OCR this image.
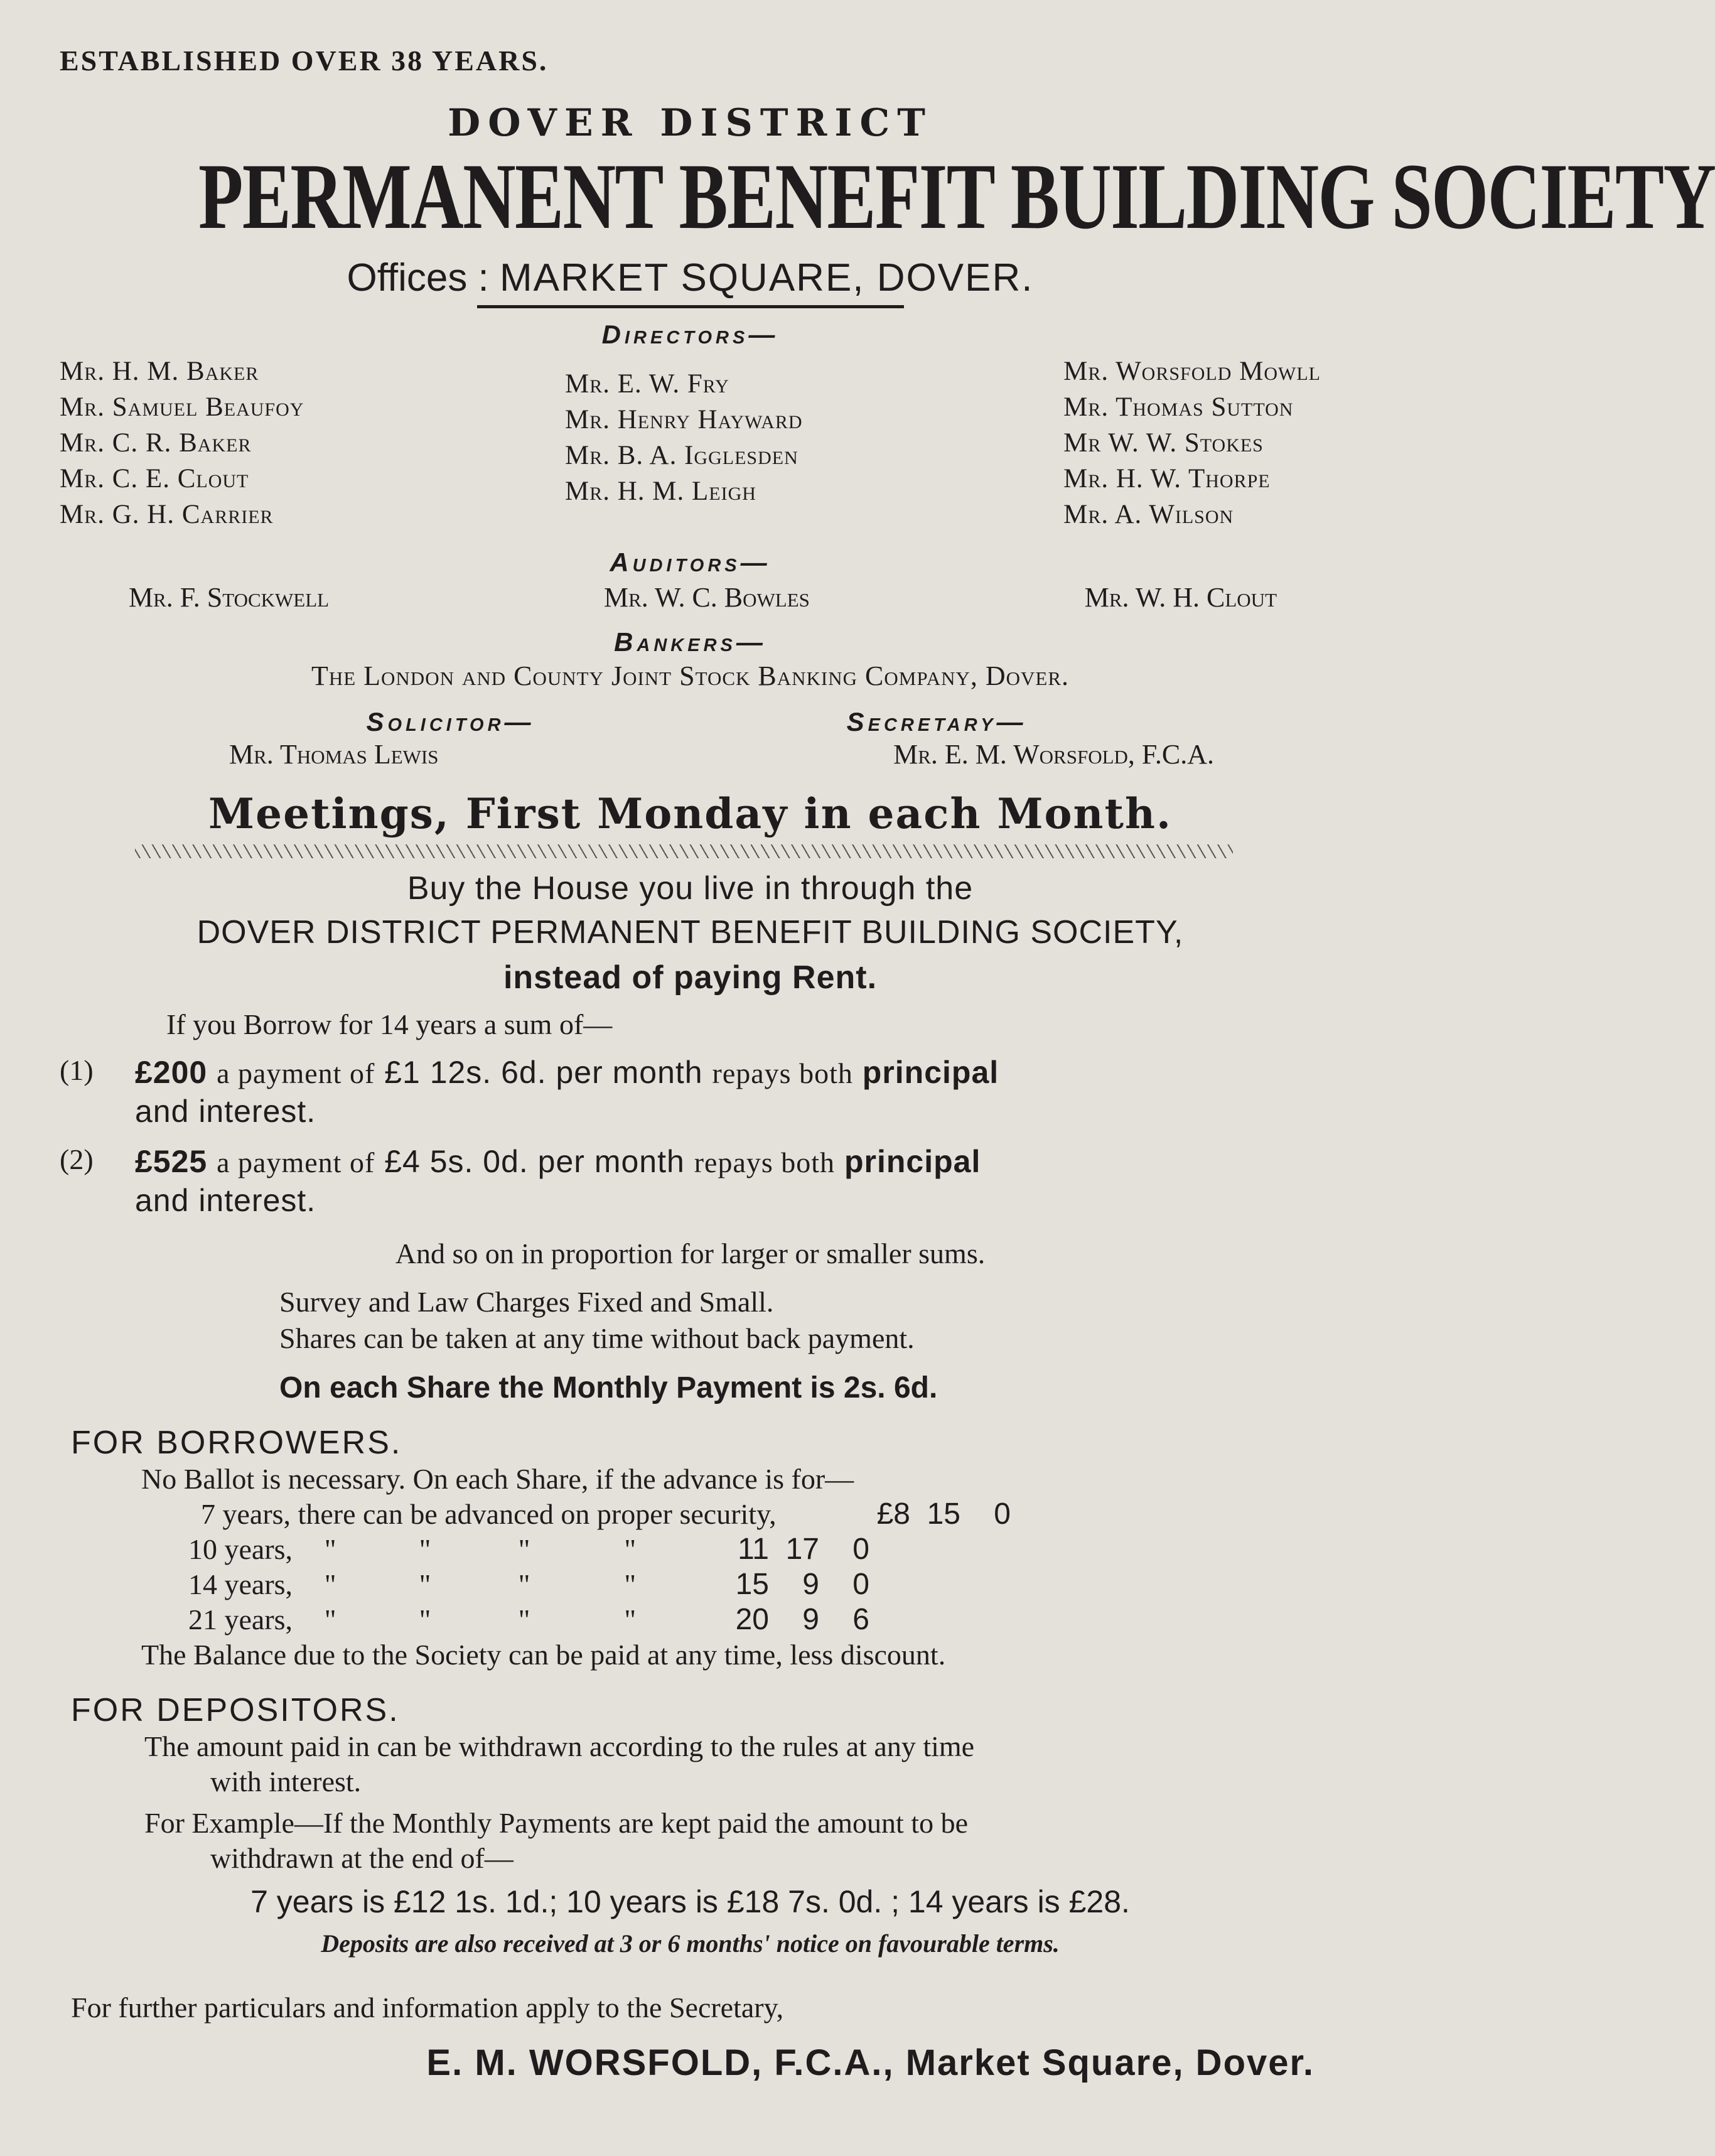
ESTABLISHED OVER 38 YEARS.

DOVER DISTRICT

PERMANENT BENEFIT BUILDING SOCIETY

Offices : MARKET SQUARE, DOVER.

Directors—
Mr. H. M. Baker
Mr. Samuel Beaufoy
Mr. C. R. Baker
Mr. C. E. Clout
Mr. G. H. Carrier
Mr. E. W. Fry
Mr. Henry Hayward
Mr. B. A. Igglesden
Mr. H. M. Leigh
Mr. Worsfold Mowll
Mr. Thomas Sutton
Mr W. W. Stokes
Mr. H. W. Thorpe
Mr. A. Wilson
Auditors—
Mr. F. Stockwell	Mr. W. C. Bowles	Mr. W. H. Clout
Bankers—
The London and County Joint Stock Banking Company, Dover.
Solicitor—	Secretary—
Mr. Thomas Lewis	Mr. E. M. Worsfold, F.C.A.
Meetings, First Monday in each Month.
Buy the House you live in through the
DOVER DISTRICT PERMANENT BENEFIT BUILDING SOCIETY,
instead of paying Rent.
If you Borrow for 14 years a sum of—
(1)	£200 a payment of £1 12s. 6d. per month repays both principal
and interest.
(2)	£525 a payment of £4 5s. 0d. per month repays both principal
and interest.
And so on in proportion for larger or smaller sums.
Survey and Law Charges Fixed and Small.
Shares can be taken at any time without back payment.
On each Share the Monthly Payment is 2s. 6d.
FOR BORROWERS.
No Ballot is necessary. On each Share, if the advance is for—
7 years, there can be advanced on proper security,	£8 15	0
10 years,	"	"	"	"	11 17	0
14 years,	"	"	"	"	15	9	0
21 years,	"	"	"	"	20	9	6
The Balance due to the Society can be paid at any time, less discount.
FOR DEPOSITORS.
The amount paid in can be withdrawn according to the rules at any time
with interest.
For Example—If the Monthly Payments are kept paid the amount to be
withdrawn at the end of—
7 years is £12 1s. 1d.; 10 years is £18 7s. 0d. ; 14 years is £28.
Deposits are also received at 3 or 6 months' notice on favourable terms.
For further particulars and information apply to the Secretary,
E. M. WORSFOLD, F.C.A., Market Square, Dover.
